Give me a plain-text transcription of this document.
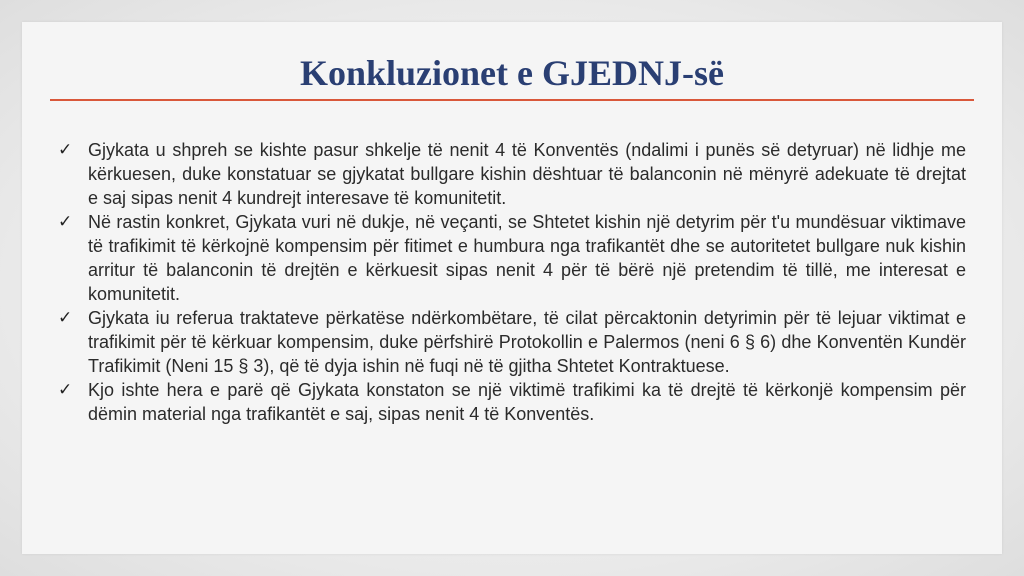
Konkluzionet e GJEDNJ-së
✓ Gjykata u shpreh se kishte pasur shkelje të nenit 4 të Konventës (ndalimi i punës së detyruar) në lidhje me kërkuesen, duke konstatuar se gjykatat bullgare kishin dështuar të balanconin në mënyrë adekuate të drejtat e saj sipas nenit 4 kundrejt interesave të komunitetit.
✓ Në rastin konkret, Gjykata vuri në dukje, në veçanti, se Shtetet kishin një detyrim për t'u mundësuar viktimave të trafikimit të kërkojnë kompensim për fitimet e humbura nga trafikantët dhe se autoritetet bullgare nuk kishin arritur të balanconin të drejtën e kërkuesit sipas nenit 4 për të bërë një pretendim të tillë, me interesat e komunitetit.
✓ Gjykata iu referua traktateve përkatëse ndërkombëtare, të cilat përcaktonin detyrimin për të lejuar viktimat e trafikimit për të kërkuar kompensim, duke përfshirë Protokollin e Palermos (neni 6 § 6) dhe Konventën Kundër Trafikimit (Neni 15 § 3), që të dyja ishin në fuqi në të gjitha Shtetet Kontraktuese.
✓ Kjo ishte hera e parë që Gjykata konstaton se një viktimë trafikimi ka të drejtë të kërkonjë kompensim për dëmin material nga trafikantët e saj, sipas nenit 4 të Konventës.
